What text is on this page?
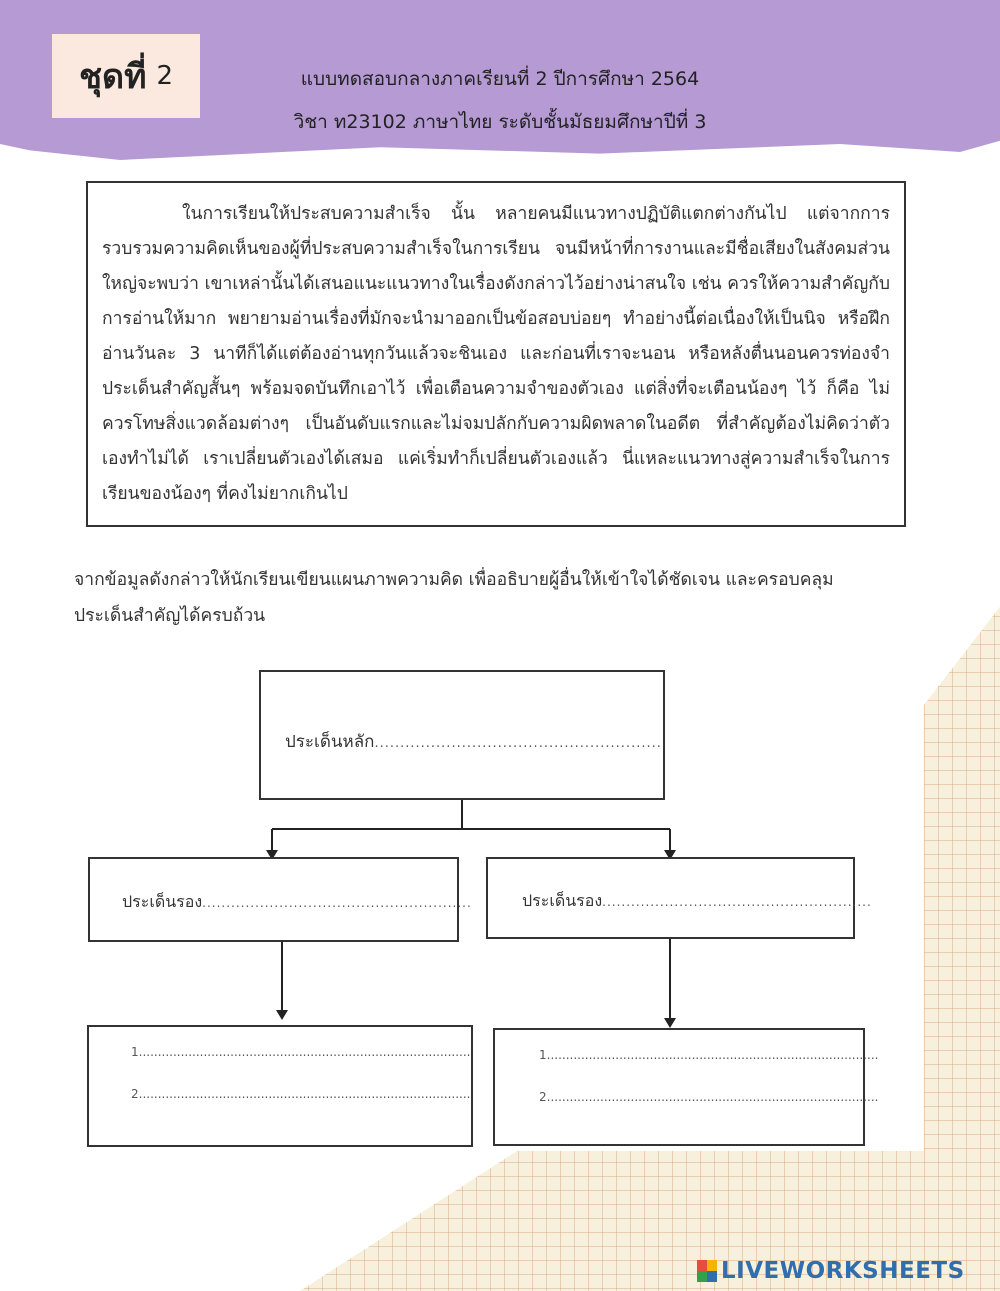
ชุดที่ 2	แบบทดสอบกลางภาคเรียนที่ 2 ปีการศึกษา 2564
วิชา ท23102 ภาษาไทย ระดับชั้นมัธยมศึกษาปีที่ 3

ในการเรียนให้ประสบความสำเร็จ นั้น หลายคนมีแนวทางปฏิบัติแตกต่างกันไป แต่จากการรวบรวมความคิดเห็นของผู้ที่ประสบความสำเร็จในการเรียน จนมีหน้าที่การงานและมีชื่อเสียงในสังคมส่วนใหญ่จะพบว่า เขาเหล่านั้นได้เสนอแนะแนวทางในเรื่องดังกล่าวไว้อย่างน่าสนใจ เช่น ควรให้ความสำคัญกับการอ่านให้มาก พยายามอ่านเรื่องที่มักจะนำมาออกเป็นข้อสอบบ่อยๆ ทำอย่างนี้ต่อเนื่องให้เป็นนิจ หรือฝึกอ่านวันละ 3 นาทีก็ได้แต่ต้องอ่านทุกวันแล้วจะชินเอง และก่อนที่เราจะนอน หรือหลังตื่นนอนควรท่องจำประเด็นสำคัญสั้นๆ พร้อมจดบันทึกเอาไว้ เพื่อเตือนความจำของตัวเอง แต่สิ่งที่จะเตือนน้องๆ ไว้ ก็คือ ไม่ควรโทษสิ่งแวดล้อมต่างๆ เป็นอันดับแรกและไม่จมปลักกับความผิดพลาดในอดีต ที่สำคัญต้องไม่คิดว่าตัวเองทำไม่ได้ เราเปลี่ยนตัวเองได้เสมอ แค่เริ่มทำก็เปลี่ยนตัวเองแล้ว นี่แหละแนวทางสู่ความสำเร็จในการเรียนของน้องๆ ที่คงไม่ยากเกินไป

จากข้อมูลดังกล่าวให้นักเรียนเขียนแผนภาพความคิด เพื่ออธิบายผู้อื่นให้เข้าใจได้ชัดเจน และครอบคลุม
ประเด็นสำคัญได้ครบถ้วน
ประเด็นหลัก........................................................
ประเด็นรอง........................................................	ประเด็นรอง........................................................
1.......................................................................................
2.......................................................................................
1.......................................................................................
2.......................................................................................
LIVEWORKSHEETS
